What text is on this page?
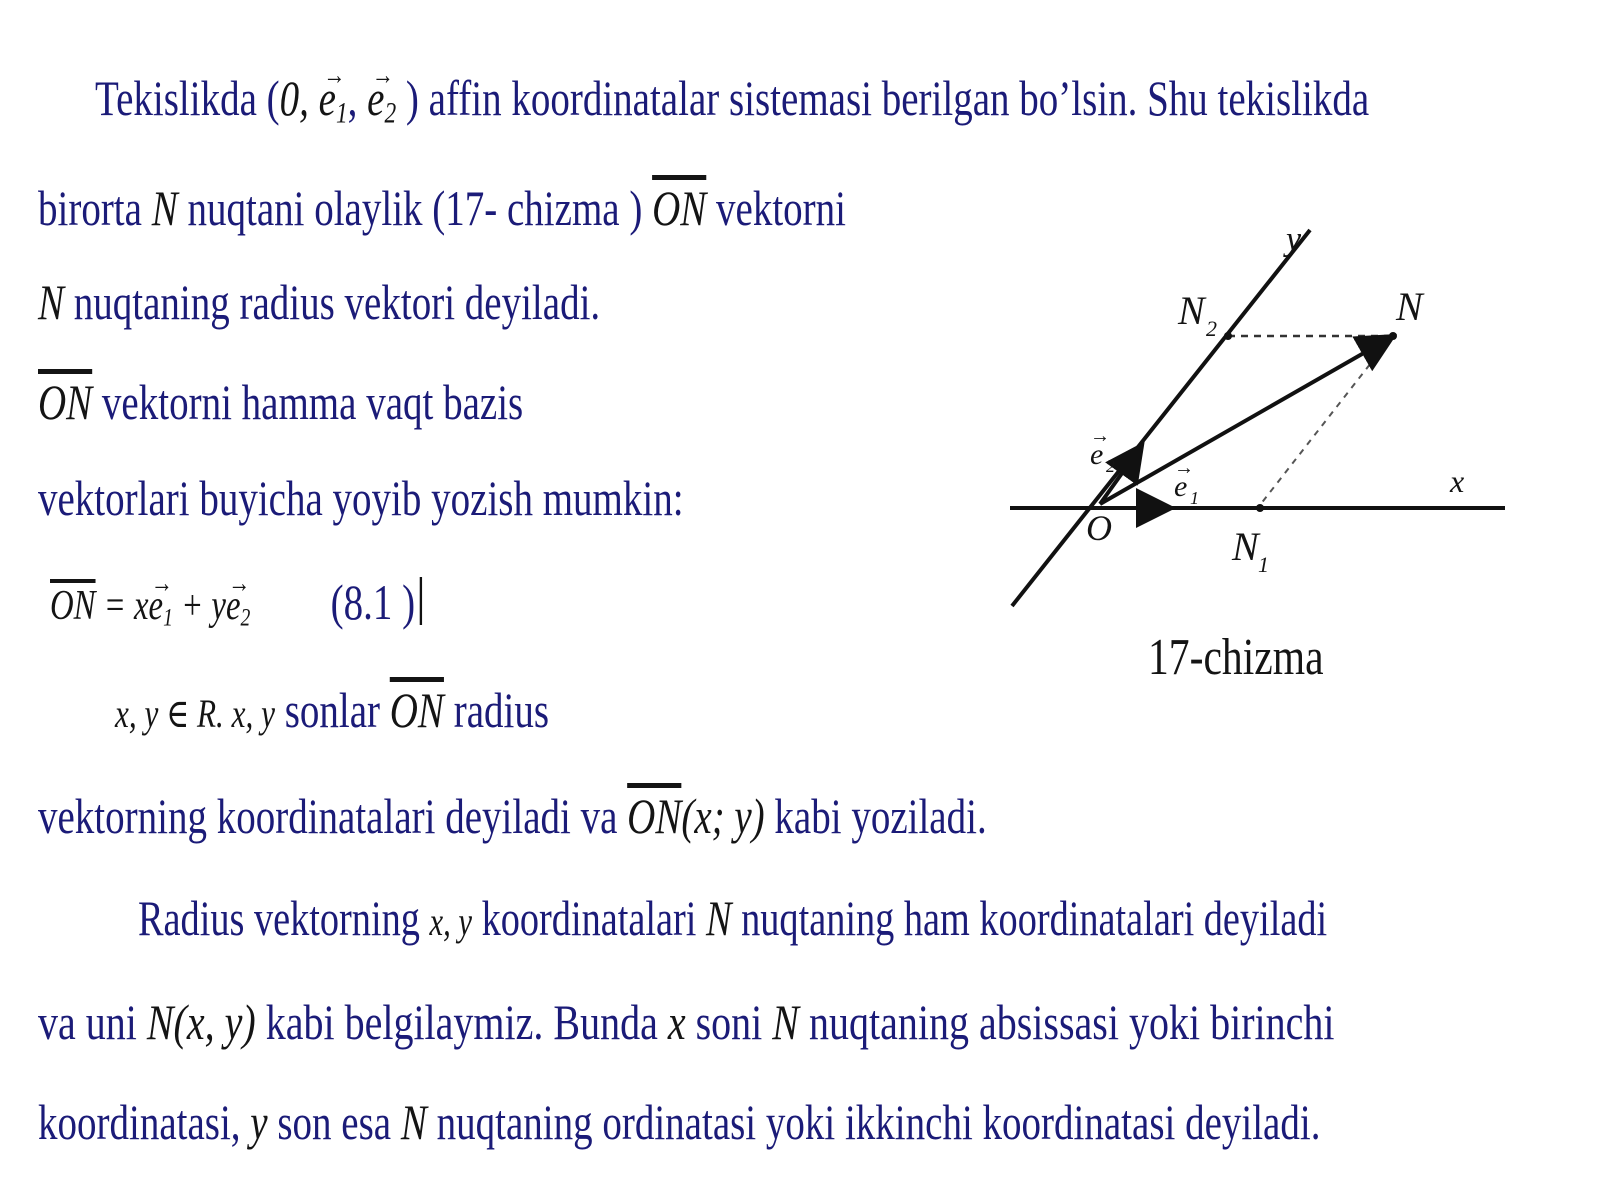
Tekislikda (0, → $e_1$, → $e_2$ ) affin koordinatalar sistemasi berilgan bo’lsin. Shu tekislikda
birorta N nuqtani olaylik (17- chizma ) $\overline{ON}$ vektorni
N nuqtaning radius vektori deyiladi.
$\overline{ON}$ vektorni hamma vaqt bazis
vektorlari buyicha yoyib yozish mumkin:
$\overline{ON} = x\to e_1 + y\to e_2$ (8.1 )
x, y ∈ R. x, y sonlar $\overline{ON}$ radius
vektorning koordinatalari deyiladi va $\overline{ON}(x$; y) kabi yoziladi.
Radius vektorning x, y koordinatalari N nuqtaning ham koordinatalari deyiladi
va uni N(x, y) kabi belgilaymiz. Bunda x soni N nuqtaning absissasi yoki birinchi
koordinatasi, y son esa N nuqtaning ordinatasi yoki ikkinchi koordinatasi deyiladi.
y
x
N
N 2
N 1
O
e 1
→
e 2
→
17-chizma
